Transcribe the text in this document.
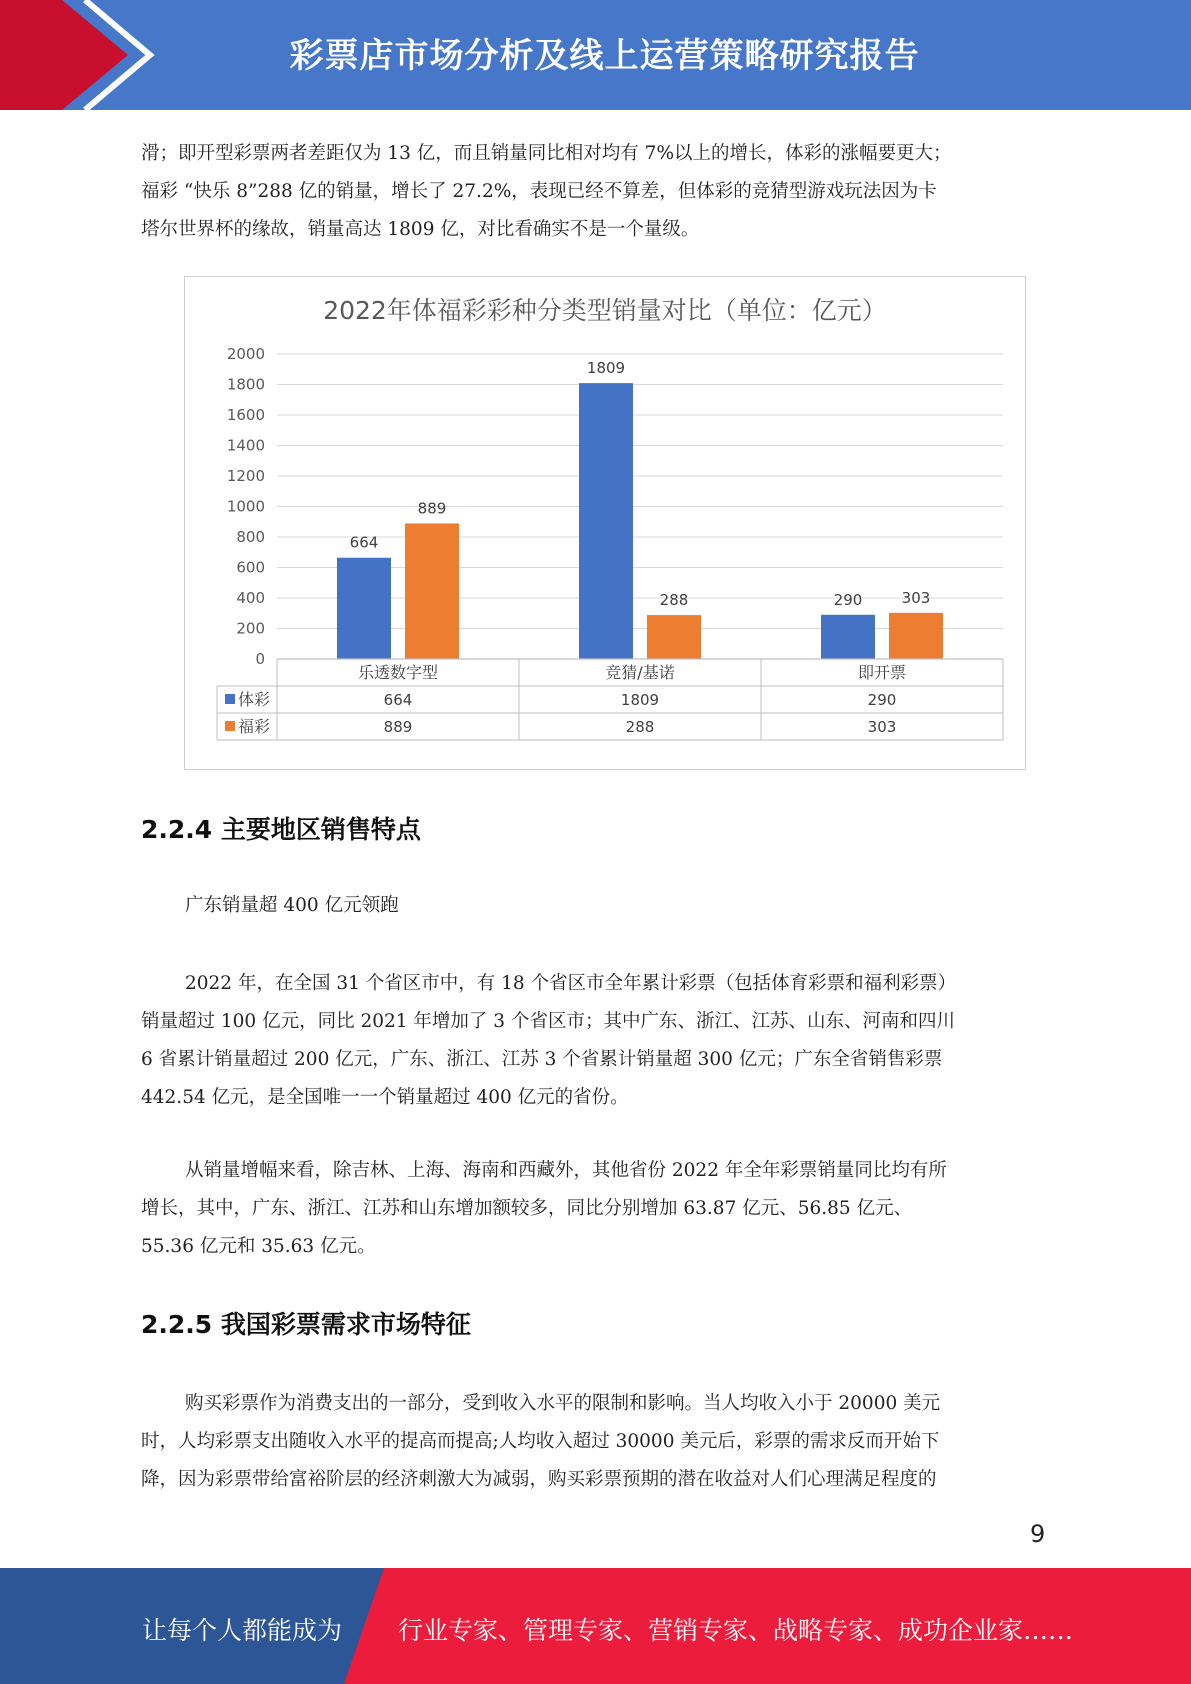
彩票店市场分析及线上运营策略研究报告

滑；即开型彩票两者差距仅为 13 亿，而且销量同比相对均有 7%以上的增长，体彩的涨幅要更大；
福彩 “快乐 8”288 亿的销量，增长了 27.2%，表现已经不算差，但体彩的竞猜型游戏玩法因为卡
塔尔世界杯的缘故，销量高达 1809 亿，对比看确实不是一个量级。

2022年体福彩彩种分类型销量对比（单位：亿元）
2000
1800
1600
1400
1200
1000
800
600
400
200
0
664
1809
290
889
288	303
乐透数字型	竞猜/基诺	即开票
体彩	664	1809	290
福彩	889	288	303
2.2.4 主要地区销售特点

广东销量超 400 亿元领跑

2022 年，在全国 31 个省区市中，有 18 个省区市全年累计彩票（包括体育彩票和福利彩票）
销量超过 100 亿元，同比 2021 年增加了 3 个省区市；其中广东、浙江、江苏、山东、河南和四川
6 省累计销量超过 200 亿元，广东、浙江、江苏 3 个省累计销量超 300 亿元；广东全省销售彩票
442.54 亿元，是全国唯一一个销量超过 400 亿元的省份。

从销量增幅来看，除吉林、上海、海南和西藏外，其他省份 2022 年全年彩票销量同比均有所
增长，其中，广东、浙江、江苏和山东增加额较多，同比分别增加 63.87 亿元、56.85 亿元、
55.36 亿元和 35.63 亿元。

2.2.5 我国彩票需求市场特征

购买彩票作为消费支出的一部分，受到收入水平的限制和影响。当人均收入小于 20000 美元
时，人均彩票支出随收入水平的提高而提高;人均收入超过 30000 美元后，彩票的需求反而开始下
降，因为彩票带给富裕阶层的经济刺激大为减弱，购买彩票预期的潜在收益对人们心理满足程度的

9
让每个人都能成为 行业专家、管理专家、营销专家、战略专家、成功企业家……
